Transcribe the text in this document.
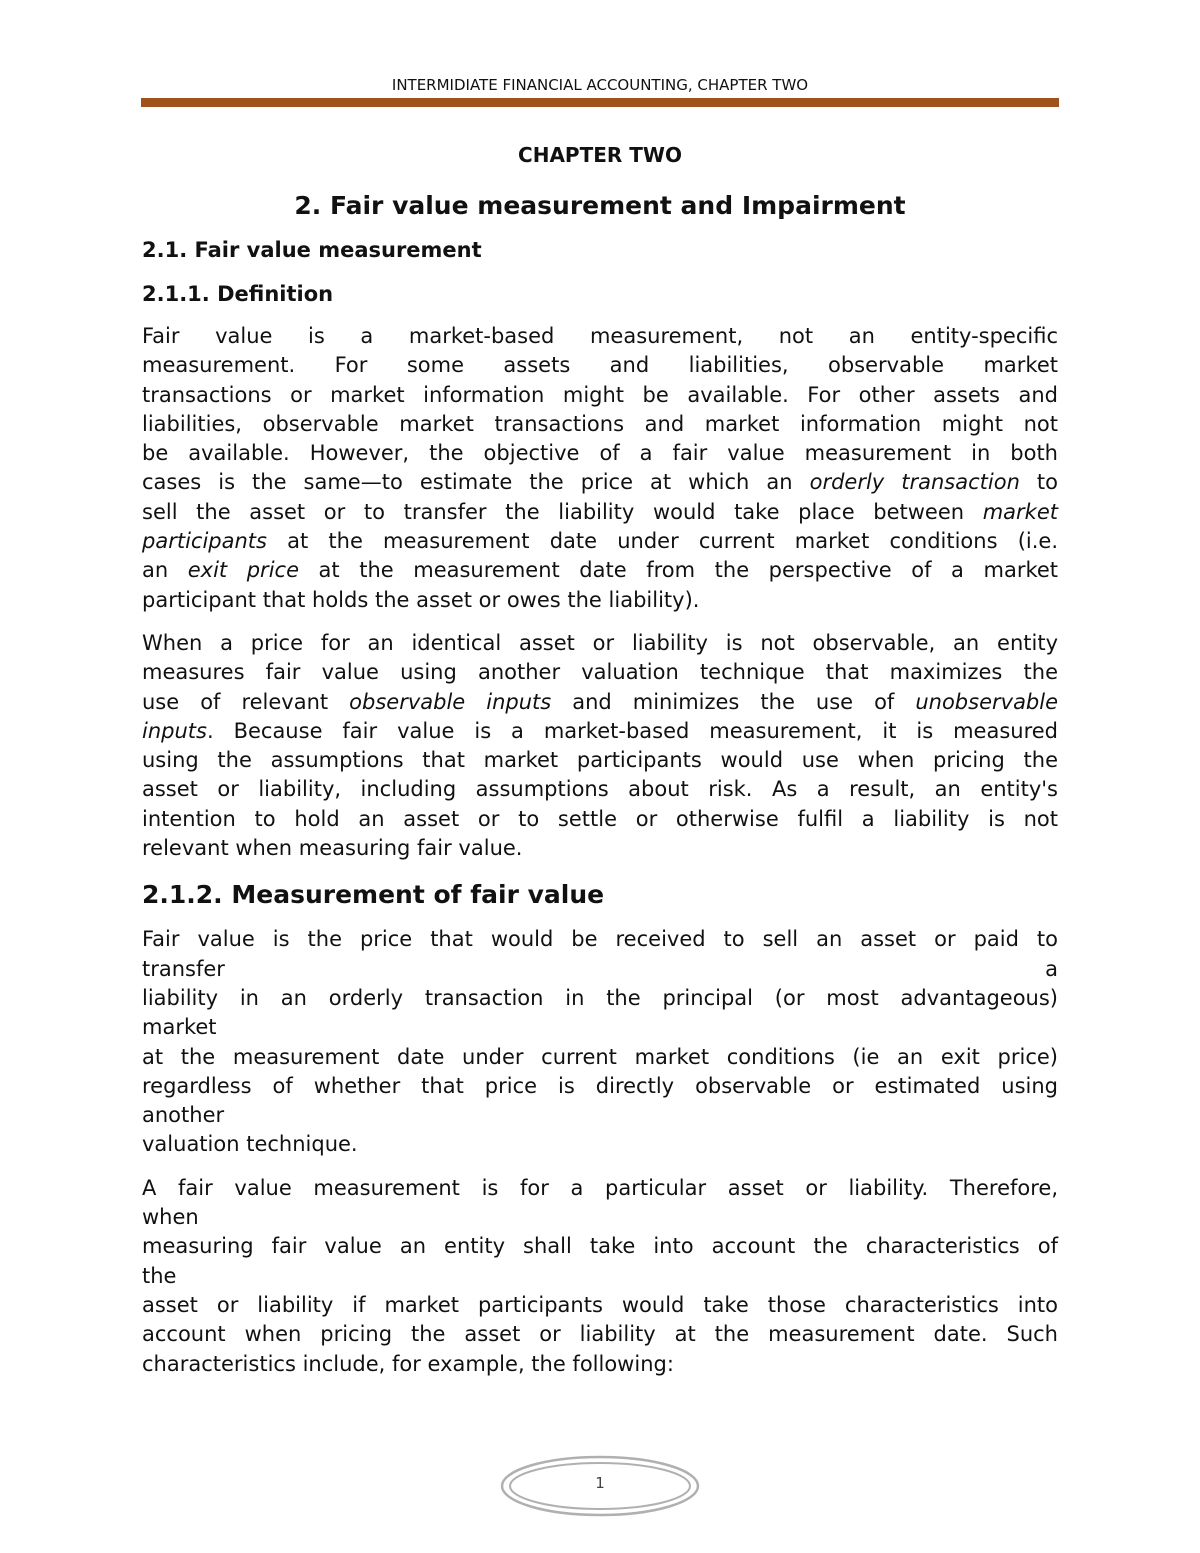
INTERMIDIATE FINANCIAL ACCOUNTING, CHAPTER TWO
CHAPTER TWO
2. Fair value measurement and Impairment
2.1. Fair value measurement
2.1.1. Definition

Fair value is a market-based measurement, not an entity-specific
measurement. For some assets and liabilities, observable market
transactions or market information might be available. For other assets and
liabilities, observable market transactions and market information might not
be available. However, the objective of a fair value measurement in both
cases is the same—to estimate the price at which an orderly transaction to
sell the asset or to transfer the liability would take place between market
participants at the measurement date under current market conditions (i.e.
an exit price at the measurement date from the perspective of a market
participant that holds the asset or owes the liability).

When a price for an identical asset or liability is not observable, an entity
measures fair value using another valuation technique that maximizes the
use of relevant observable inputs and minimizes the use of unobservable
inputs. Because fair value is a market-based measurement, it is measured
using the assumptions that market participants would use when pricing the
asset or liability, including assumptions about risk. As a result, an entity's
intention to hold an asset or to settle or otherwise fulfil a liability is not
relevant when measuring fair value.

2.1.2. Measurement of fair value

Fair value is the price that would be received to sell an asset or paid to
transfer	a
liability in an orderly transaction in the principal (or most advantageous)
market
at the measurement date under current market conditions (ie an exit price)
regardless of whether that price is directly observable or estimated using
another
valuation technique.

A fair value measurement is for a particular asset or liability. Therefore,
when
measuring fair value an entity shall take into account the characteristics of
the
asset or liability if market participants would take those characteristics into
account when pricing the asset or liability at the measurement date. Such
characteristics include, for example, the following:

1
